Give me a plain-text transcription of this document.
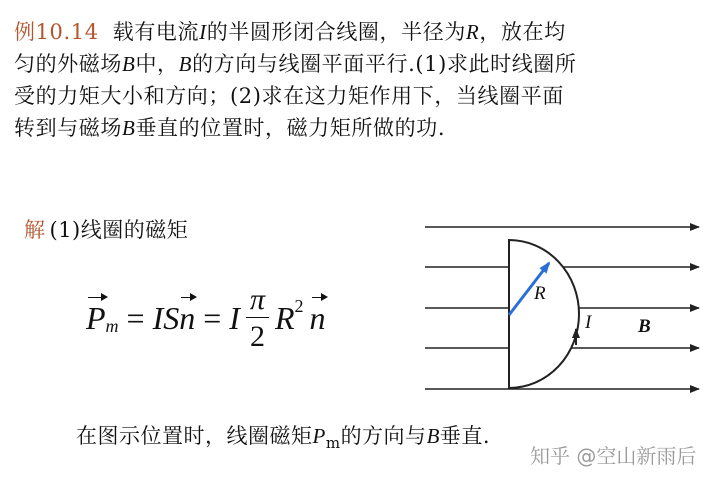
例10.14 载有电流I的半圆形闭合线圈，半径为R，放在均
匀的外磁场B中，B的方向与线圈平面平行.(1)求此时线圈所
受的力矩大小和方向；(2)求在这力矩作用下，当线圈平面
转到与磁场B垂直的位置时，磁力矩所做的功.
解 (1)线圈的磁矩
P m = IS n = I $\frac{\pi}{2}$ R 2 n
R
I B
在图示位置时，线圈磁矩$P_m$的方向与B垂直.
知乎 @空山新雨后
